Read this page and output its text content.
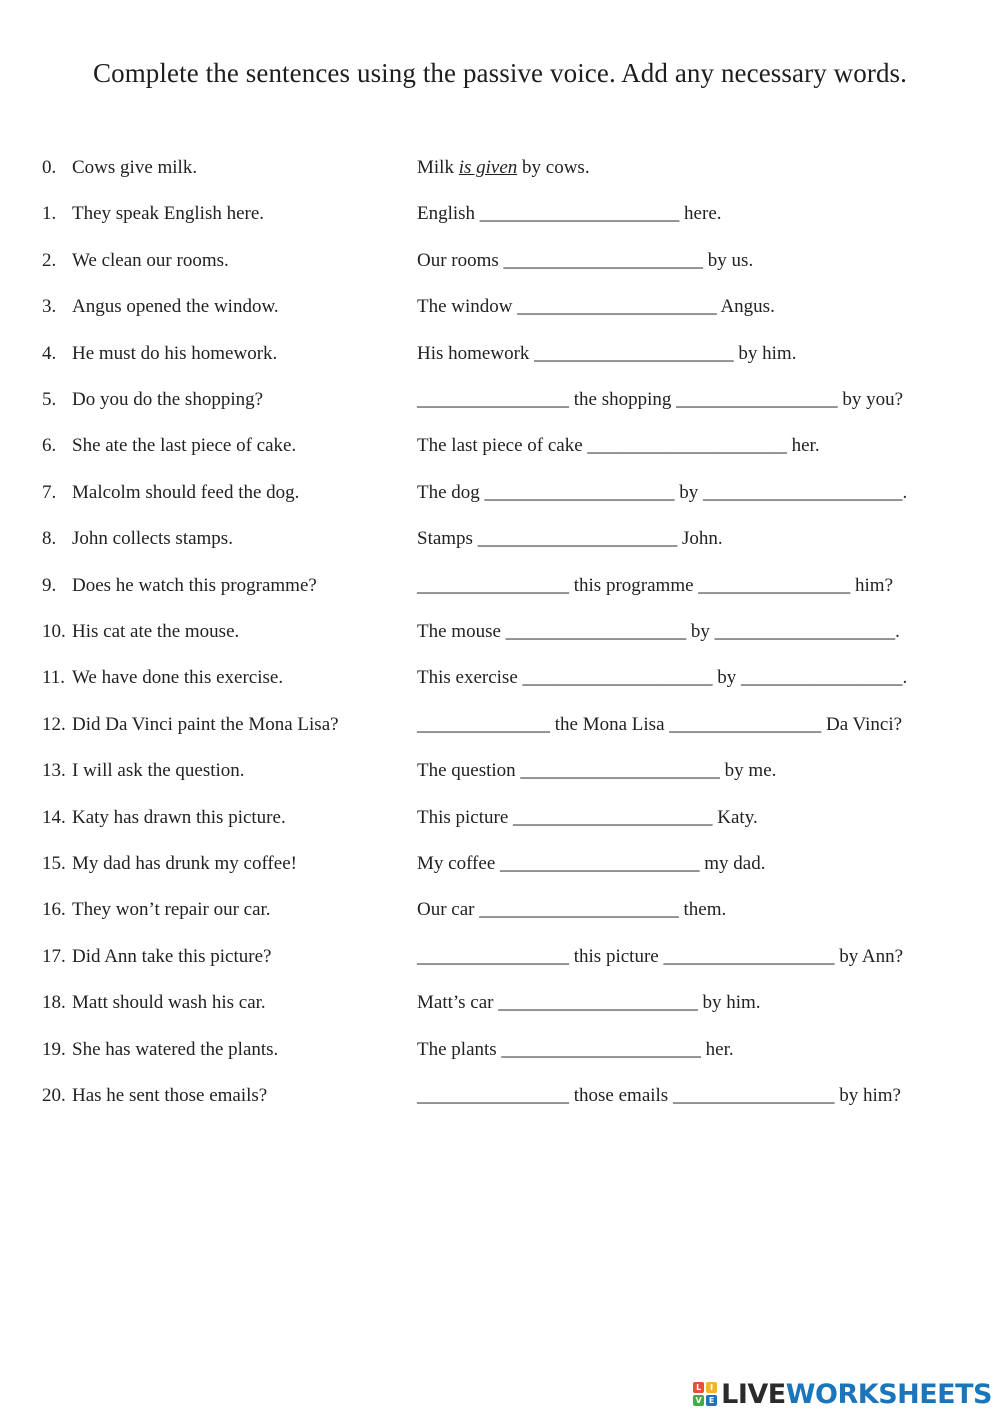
Complete the sentences using the passive voice. Add any necessary words.
0. Cows give milk.	Milk is given by cows.
1. They speak English here.	English _____________________ here.
2. We clean our rooms.	Our rooms _____________________ by us.
3. Angus opened the window.	The window _____________________ Angus.
4. He must do his homework.	His homework _____________________ by him.
5. Do you do the shopping?	________________ the shopping _________________ by you?
6. She ate the last piece of cake.	The last piece of cake _____________________ her.
7. Malcolm should feed the dog.	The dog ____________________ by _____________________.
8. John collects stamps.	Stamps _____________________ John.
9. Does he watch this programme?	________________ this programme ________________ him?
10. His cat ate the mouse.	The mouse ___________________ by ___________________.
11. We have done this exercise.	This exercise ____________________ by _________________.
12. Did Da Vinci paint the Mona Lisa?	______________ the Mona Lisa ________________ Da Vinci?
13. I will ask the question.	The question _____________________ by me.
14. Katy has drawn this picture.	This picture _____________________ Katy.
15. My dad has drunk my coffee!	My coffee _____________________ my dad.
16. They won’t repair our car.	Our car _____________________ them.
17. Did Ann take this picture?	________________ this picture __________________ by Ann?
18. Matt should wash his car.	Matt’s car _____________________ by him.
19. She has watered the plants.	The plants _____________________ her.
20. Has he sent those emails?	________________ those emails _________________ by him?
L	I
V E LIVEWORKSHEETS
